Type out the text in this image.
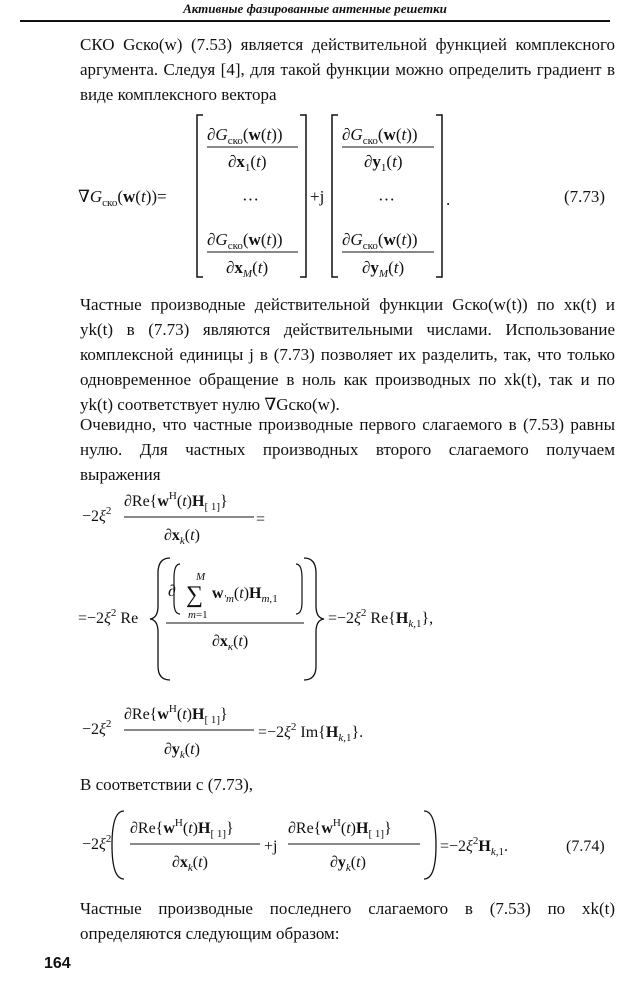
Активные фазированные антенные решетки

СКО Gско(w) (7.53) является действительной функцией комплексного аргумента. Следуя [4], для такой функции можно определить градиент в виде комплексного вектора

$\nabla G_{ско}(w(t))=$
$\partial G_{ско}(w(t))$
$\partial x_1(t)$
···
$\partial G_{ско}(w(t))$
$\partial x_M(t)$
+j
$\partial G_{ско}(w(t))$
$\partial y_1(t)$
···
$\partial G_{ско}(w(t))$
$\partial y_M(t)$
.	(7.73)

Частные производные действительной функции Gско(w(t)) по xк(t) и yk(t) в (7.73) являются действительными числами. Использование комплексной единицы j в (7.73) позволяет их разделить, так, что только одновременное обращение в ноль как производных по xk(t), так и по yk(t) соответствует нулю ∇Gско(w).

Очевидно, что частные производные первого слагаемого в (7.53) равны нулю. Для частных производных второго слагаемого получаем выражения

$-2\xi^2$
$\partial Re\{w^H(t)H_{[ 1]}\}$
$\partial x_k(t)$
=
$=-2\xi^2$ Re
∂
M
∑
m=1
$w_{'m}(t)H_{m,}1$
$\partial x_к(t)$
$=-2\xi^2$ $Re\{H_{k,}1\}$,
$-2\xi^2$
$\partial Re\{w^H(t)H_{[ 1]}\}$
$\partial y_k(t)$
$=-2\xi^2$ $Im\{H_{k,}1\}$.

В соответствии с (7.73),

$-2\xi^2$
$\partial Re\{w^H(t)H_{[ 1]}\}$
$\partial x_k(t)$
+j
$\partial Re\{w^H(t)H_{[ 1]}\}$
$\partial y_k(t)$
$=-2\xi^2H_{k,}1$.	(7.74)

Частные производные последнего слагаемого в (7.53) по xk(t) определяются следующим образом:

164
